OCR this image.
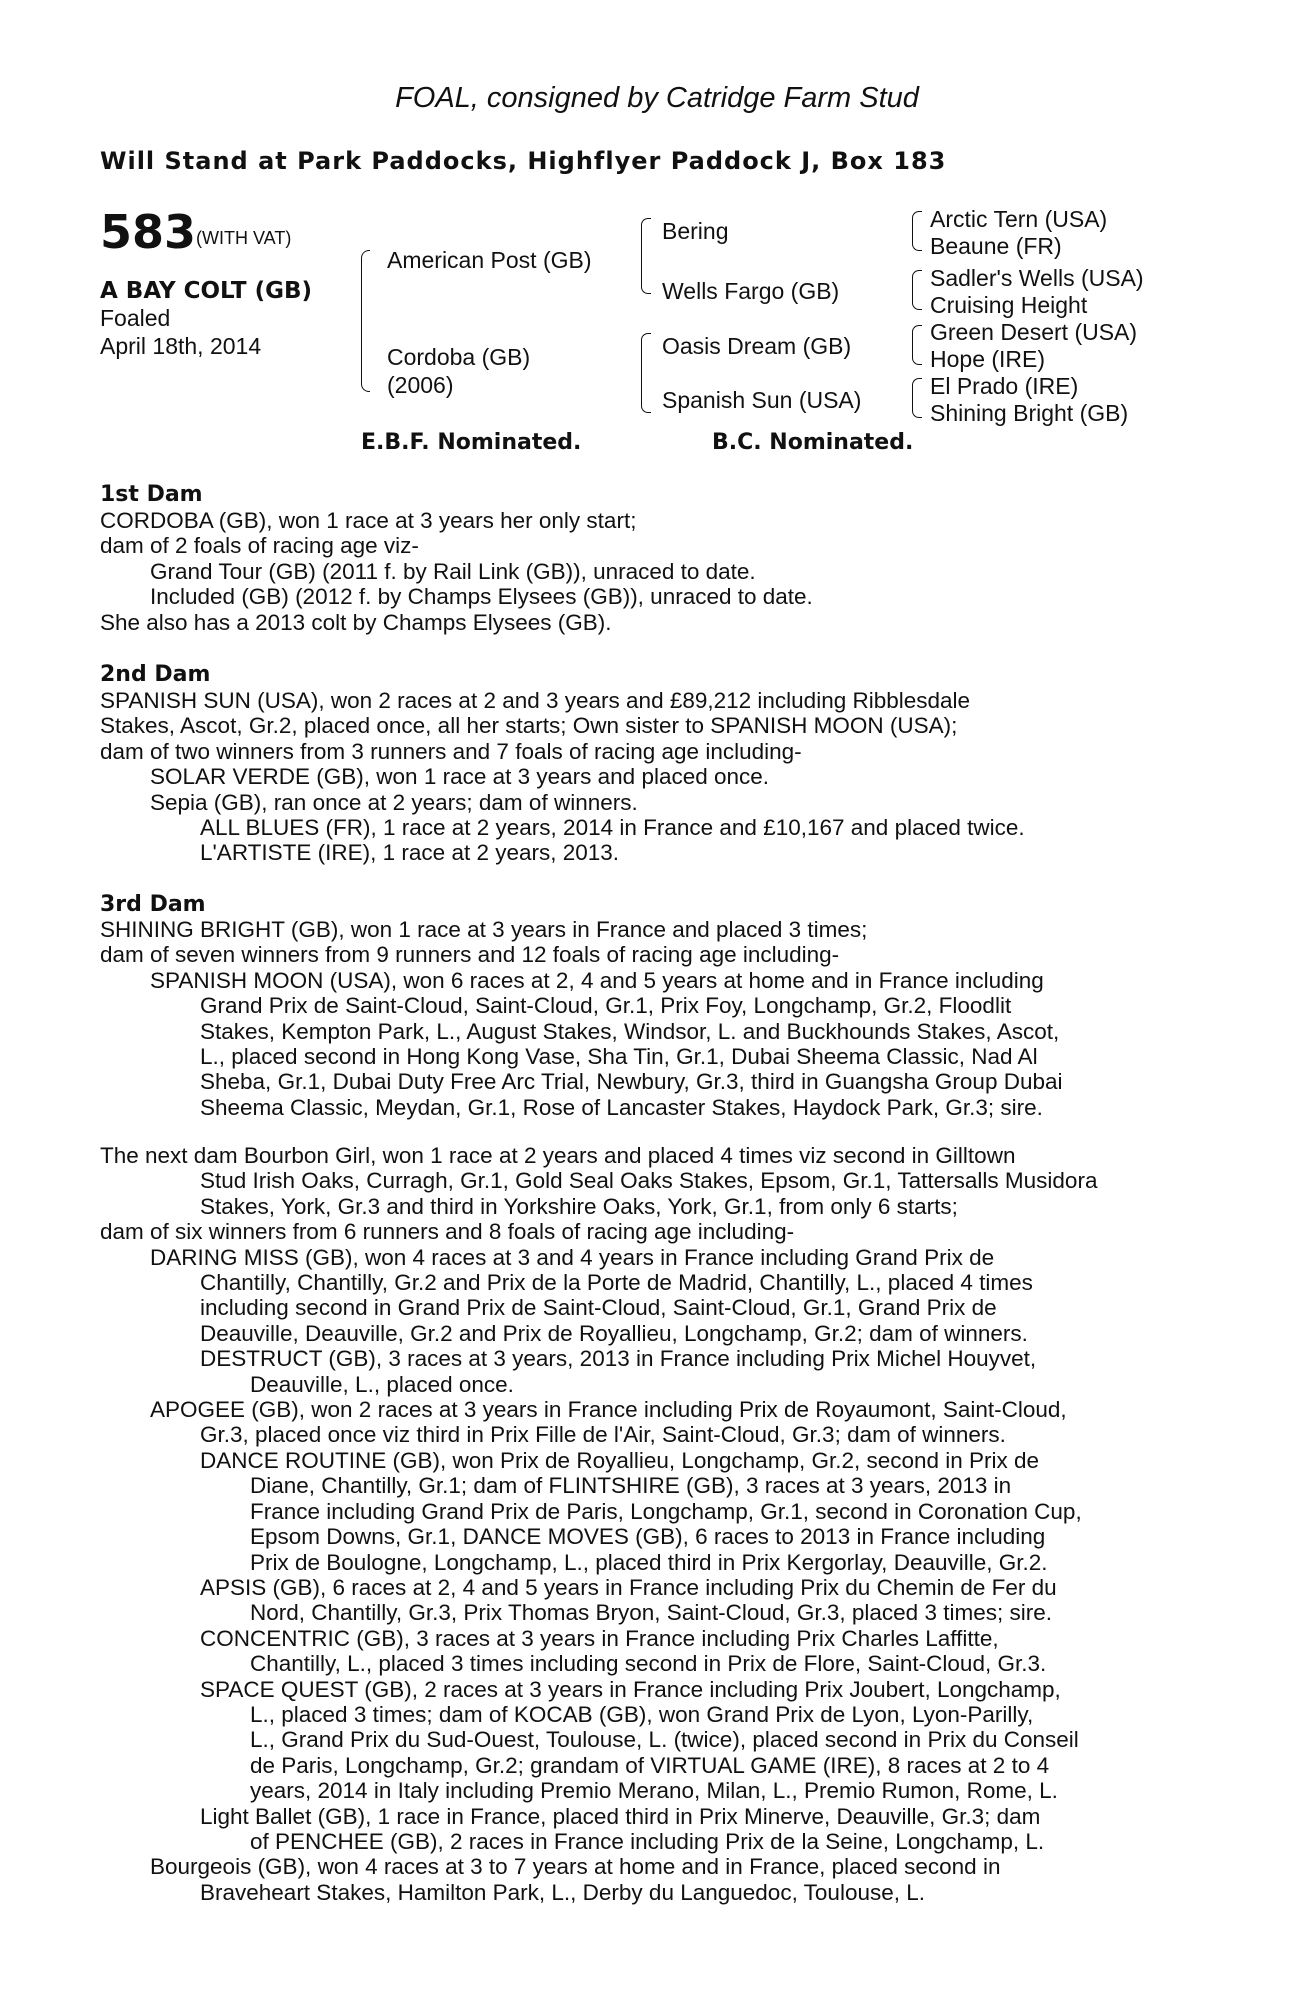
FOAL, consigned by Catridge Farm Stud
Will Stand at Park Paddocks, Highflyer Paddock J, Box 183
583 (WITH VAT)
A BAY COLT (GB)
Foaled
April 18th, 2014
American Post (GB)
Cordoba (GB)
(2006)
Bering
Wells Fargo (GB)
Oasis Dream (GB)
Spanish Sun (USA)
Arctic Tern (USA)
Beaune (FR)
Sadler's Wells (USA)
Cruising Height
Green Desert (USA)
Hope (IRE)
El Prado (IRE)
Shining Bright (GB)
E.B.F. Nominated.	B.C. Nominated.
1st Dam
CORDOBA (GB), won 1 race at 3 years her only start;
dam of 2 foals of racing age viz-
Grand Tour (GB) (2011 f. by Rail Link (GB)), unraced to date.
Included (GB) (2012 f. by Champs Elysees (GB)), unraced to date.
She also has a 2013 colt by Champs Elysees (GB).
2nd Dam
SPANISH SUN (USA), won 2 races at 2 and 3 years and £89,212 including Ribblesdale
Stakes, Ascot, Gr.2, placed once, all her starts; Own sister to SPANISH MOON (USA);
dam of two winners from 3 runners and 7 foals of racing age including-
SOLAR VERDE (GB), won 1 race at 3 years and placed once.
Sepia (GB), ran once at 2 years; dam of winners.
ALL BLUES (FR), 1 race at 2 years, 2014 in France and £10,167 and placed twice.
L'ARTISTE (IRE), 1 race at 2 years, 2013.
3rd Dam
SHINING BRIGHT (GB), won 1 race at 3 years in France and placed 3 times;
dam of seven winners from 9 runners and 12 foals of racing age including-
SPANISH MOON (USA), won 6 races at 2, 4 and 5 years at home and in France including
Grand Prix de Saint-Cloud, Saint-Cloud, Gr.1, Prix Foy, Longchamp, Gr.2, Floodlit
Stakes, Kempton Park, L., August Stakes, Windsor, L. and Buckhounds Stakes, Ascot,
L., placed second in Hong Kong Vase, Sha Tin, Gr.1, Dubai Sheema Classic, Nad Al
Sheba, Gr.1, Dubai Duty Free Arc Trial, Newbury, Gr.3, third in Guangsha Group Dubai
Sheema Classic, Meydan, Gr.1, Rose of Lancaster Stakes, Haydock Park, Gr.3; sire.
The next dam Bourbon Girl, won 1 race at 2 years and placed 4 times viz second in Gilltown
Stud Irish Oaks, Curragh, Gr.1, Gold Seal Oaks Stakes, Epsom, Gr.1, Tattersalls Musidora
Stakes, York, Gr.3 and third in Yorkshire Oaks, York, Gr.1, from only 6 starts;
dam of six winners from 6 runners and 8 foals of racing age including-
DARING MISS (GB), won 4 races at 3 and 4 years in France including Grand Prix de
Chantilly, Chantilly, Gr.2 and Prix de la Porte de Madrid, Chantilly, L., placed 4 times
including second in Grand Prix de Saint-Cloud, Saint-Cloud, Gr.1, Grand Prix de
Deauville, Deauville, Gr.2 and Prix de Royallieu, Longchamp, Gr.2; dam of winners.
DESTRUCT (GB), 3 races at 3 years, 2013 in France including Prix Michel Houyvet,
Deauville, L., placed once.
APOGEE (GB), won 2 races at 3 years in France including Prix de Royaumont, Saint-Cloud,
Gr.3, placed once viz third in Prix Fille de l'Air, Saint-Cloud, Gr.3; dam of winners.
DANCE ROUTINE (GB), won Prix de Royallieu, Longchamp, Gr.2, second in Prix de
Diane, Chantilly, Gr.1; dam of FLINTSHIRE (GB), 3 races at 3 years, 2013 in
France including Grand Prix de Paris, Longchamp, Gr.1, second in Coronation Cup,
Epsom Downs, Gr.1, DANCE MOVES (GB), 6 races to 2013 in France including
Prix de Boulogne, Longchamp, L., placed third in Prix Kergorlay, Deauville, Gr.2.
APSIS (GB), 6 races at 2, 4 and 5 years in France including Prix du Chemin de Fer du
Nord, Chantilly, Gr.3, Prix Thomas Bryon, Saint-Cloud, Gr.3, placed 3 times; sire.
CONCENTRIC (GB), 3 races at 3 years in France including Prix Charles Laffitte,
Chantilly, L., placed 3 times including second in Prix de Flore, Saint-Cloud, Gr.3.
SPACE QUEST (GB), 2 races at 3 years in France including Prix Joubert, Longchamp,
L., placed 3 times; dam of KOCAB (GB), won Grand Prix de Lyon, Lyon-Parilly,
L., Grand Prix du Sud-Ouest, Toulouse, L. (twice), placed second in Prix du Conseil
de Paris, Longchamp, Gr.2; grandam of VIRTUAL GAME (IRE), 8 races at 2 to 4
years, 2014 in Italy including Premio Merano, Milan, L., Premio Rumon, Rome, L.
Light Ballet (GB), 1 race in France, placed third in Prix Minerve, Deauville, Gr.3; dam
of PENCHEE (GB), 2 races in France including Prix de la Seine, Longchamp, L.
Bourgeois (GB), won 4 races at 3 to 7 years at home and in France, placed second in
Braveheart Stakes, Hamilton Park, L., Derby du Languedoc, Toulouse, L.
